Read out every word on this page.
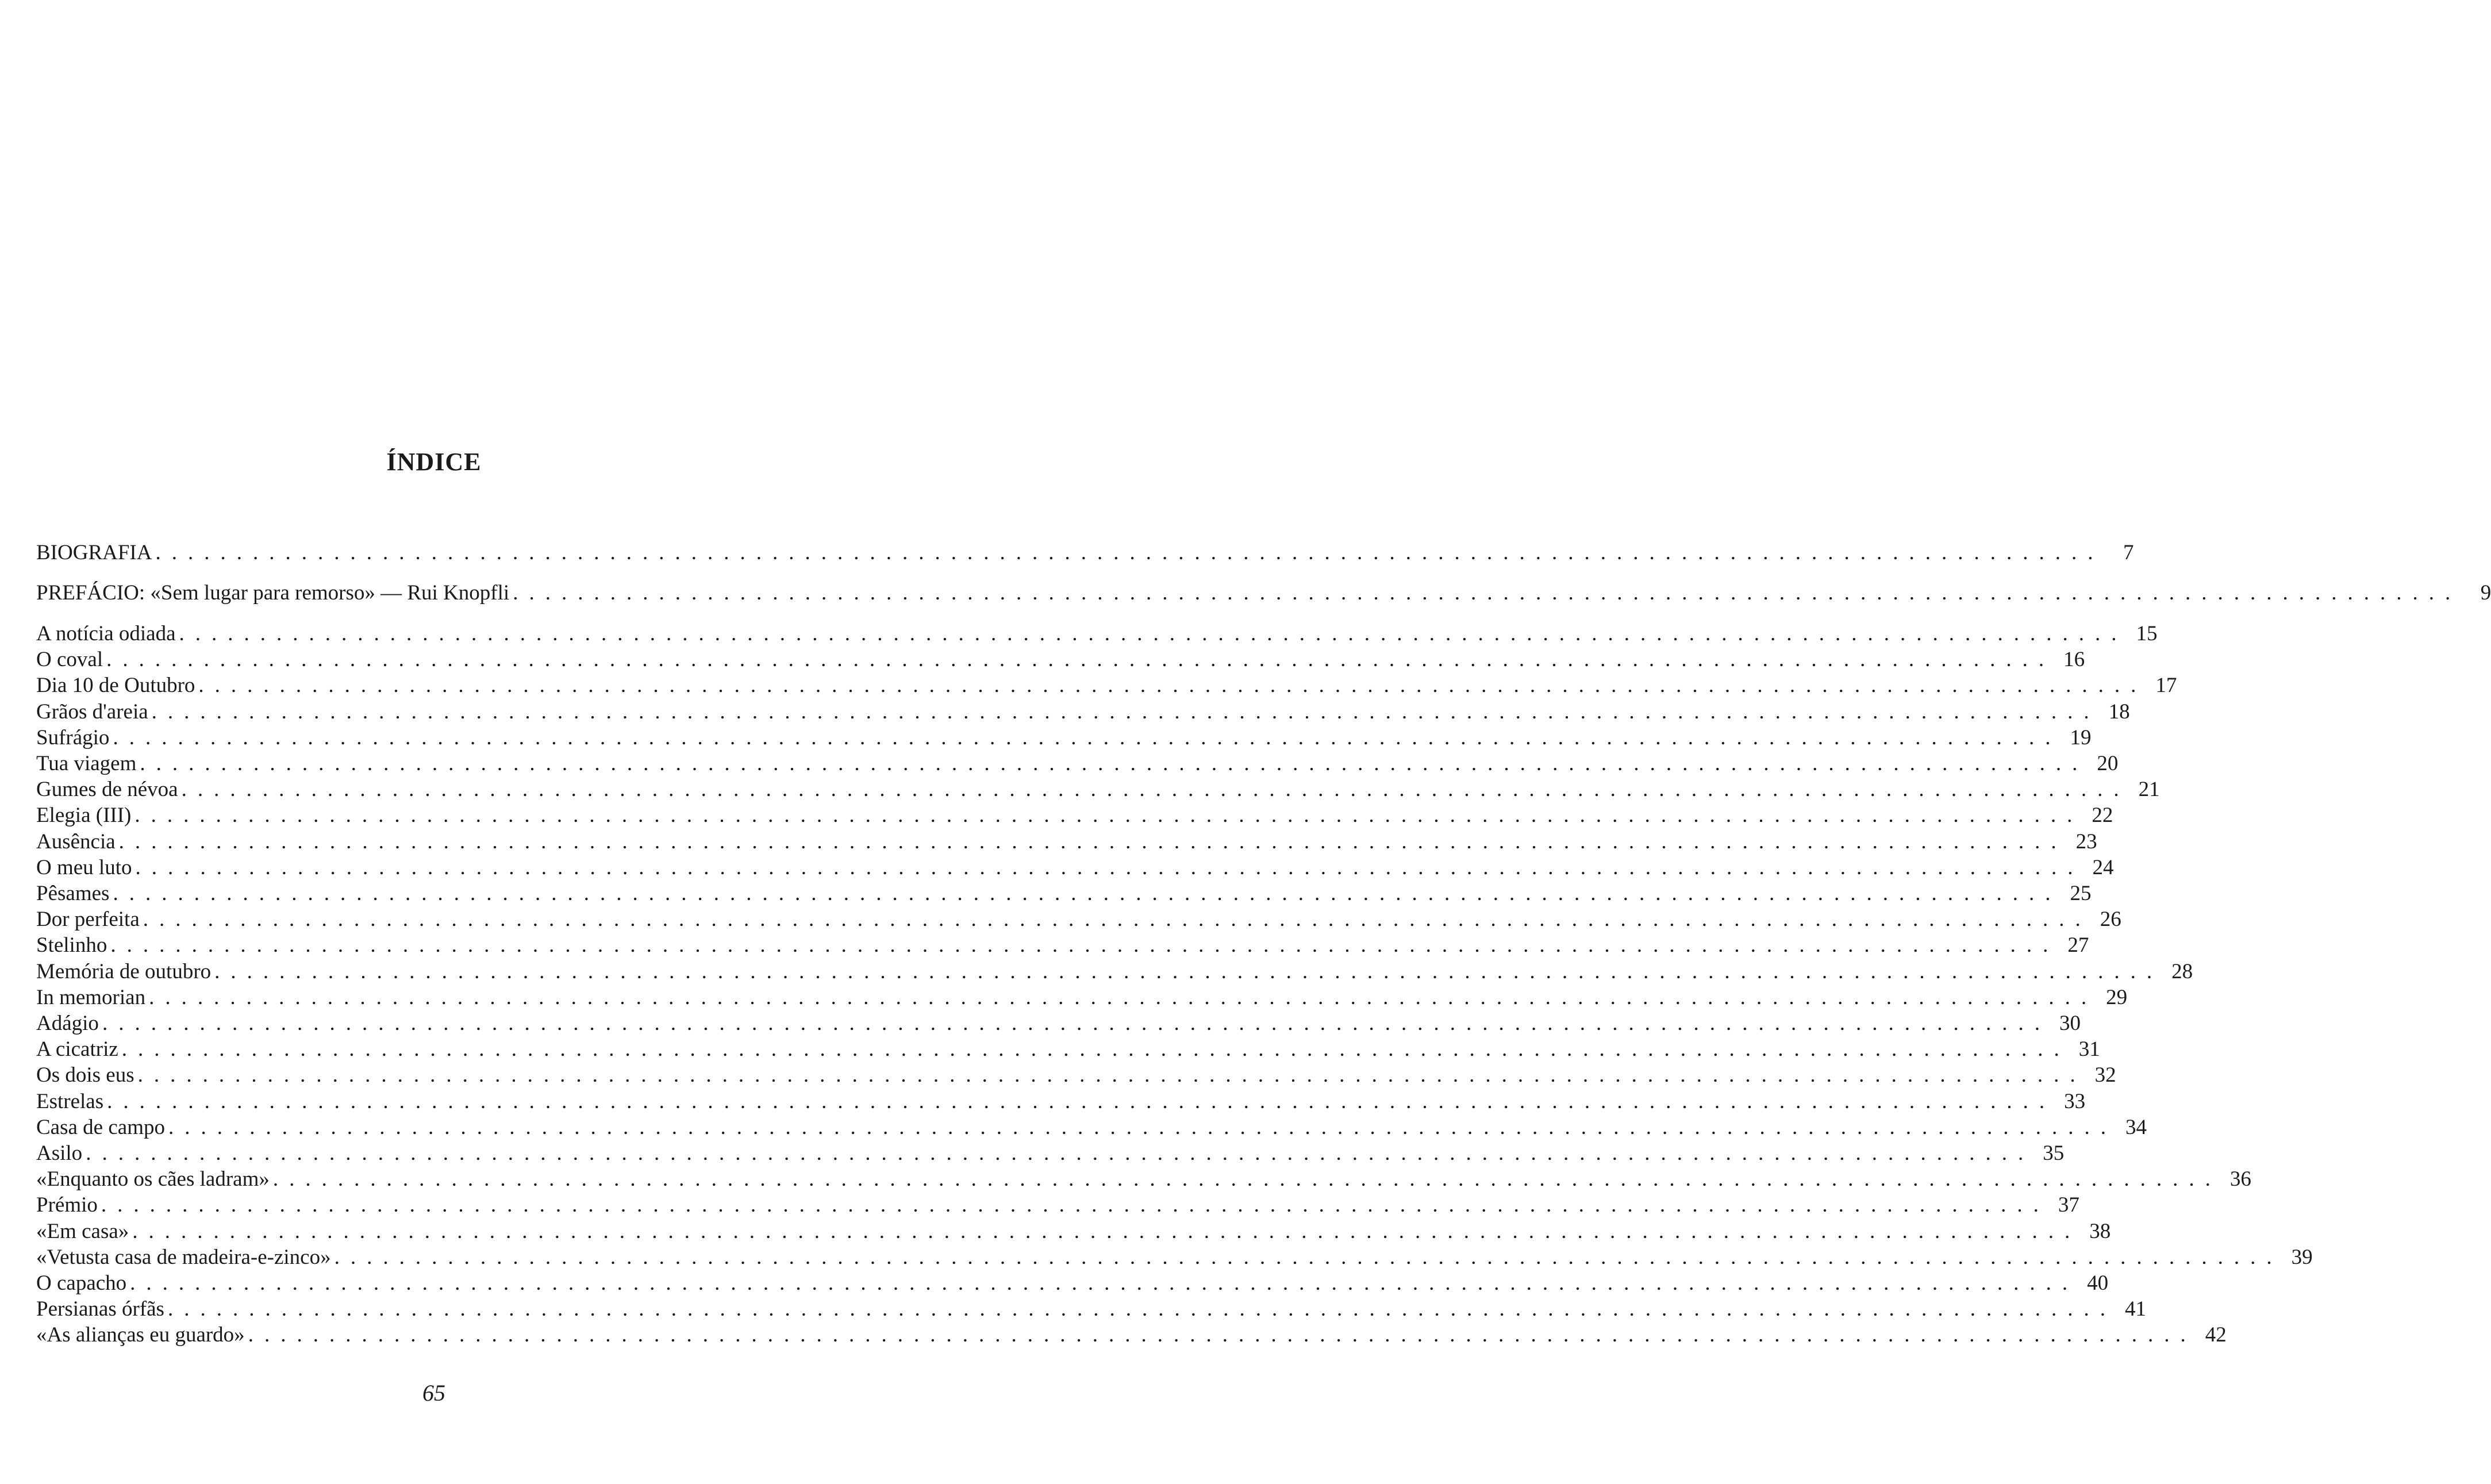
ÍNDICE
BIOGRAFIA ........................................................................................................................ 7
PREFÁCIO: «Sem lugar para remorso» — Rui Knopfli ........................................................................................................................ 9
A notícia odiada ........................................................................................................................ 15
O coval ........................................................................................................................ 16
Dia 10 de Outubro ........................................................................................................................ 17
Grãos d'areia ........................................................................................................................ 18
Sufrágio ........................................................................................................................ 19
Tua viagem ........................................................................................................................ 20
Gumes de névoa ........................................................................................................................ 21
Elegia (III) ........................................................................................................................ 22
Ausência ........................................................................................................................ 23
O meu luto ........................................................................................................................ 24
Pêsames ........................................................................................................................ 25
Dor perfeita ........................................................................................................................ 26
Stelinho ........................................................................................................................ 27
Memória de outubro ........................................................................................................................ 28
In memorian ........................................................................................................................ 29
Adágio ........................................................................................................................ 30
A cicatriz ........................................................................................................................ 31
Os dois eus ........................................................................................................................ 32
Estrelas ........................................................................................................................ 33
Casa de campo ........................................................................................................................ 34
Asilo ........................................................................................................................ 35
«Enquanto os cães ladram» ........................................................................................................................ 36
Prémio ........................................................................................................................ 37
«Em casa» ........................................................................................................................ 38
«Vetusta casa de madeira-e-zinco» ........................................................................................................................ 39
O capacho ........................................................................................................................ 40
Persianas órfãs ........................................................................................................................ 41
«As alianças eu guardo» ........................................................................................................................ 42

65
